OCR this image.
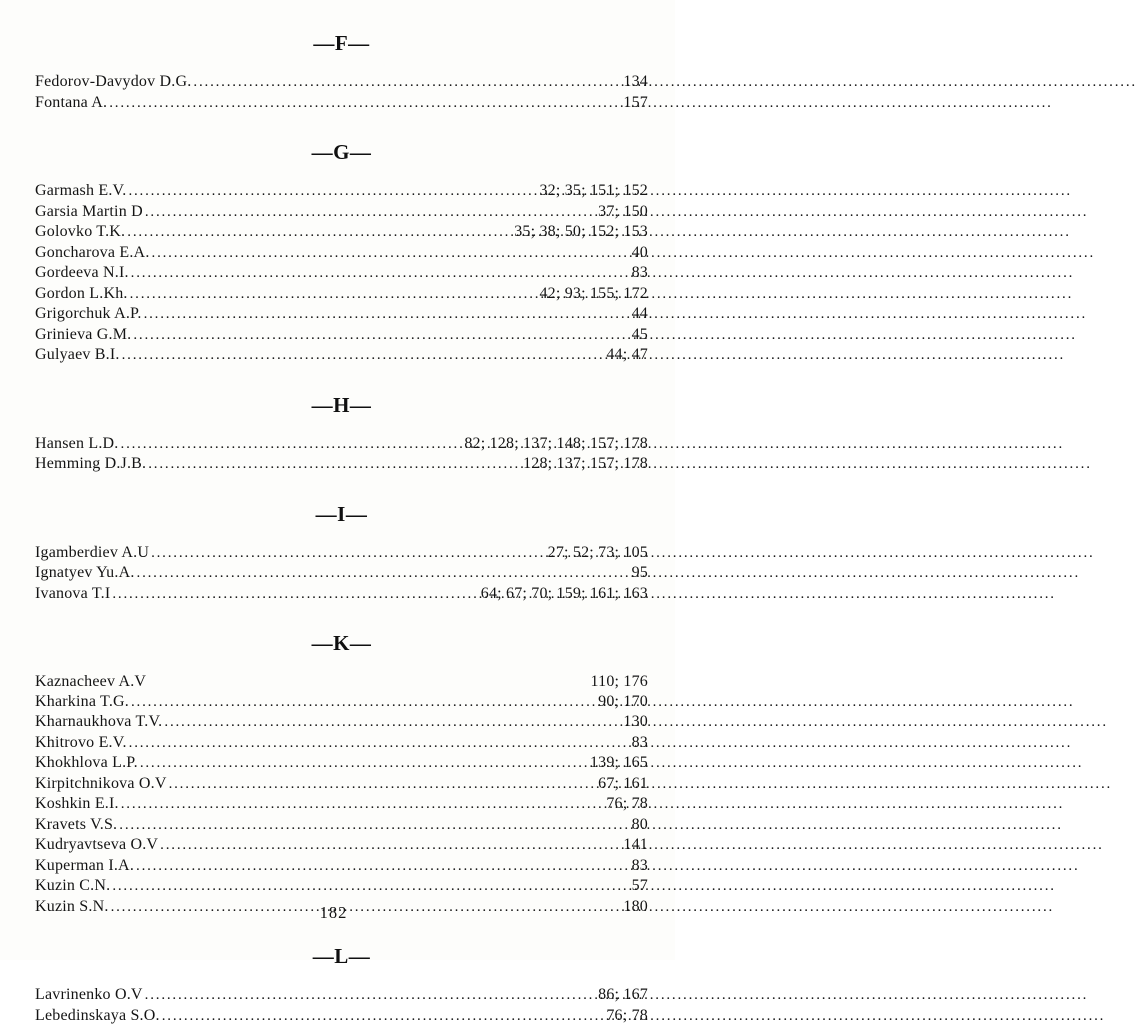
—F—
Fedorov-Davydov D.G. .....	134
Fontana A. .....	157
—G—
Garmash E.V. .....	32; 35; 151; 152
Garsia Martin D .....	37; 150
Golovko T.K. .....	35; 38; 50; 152; 153
Goncharova E.A. .....	40
Gordeeva N.I. .....	83
Gordon L.Kh. .....	42; 93; 155; 172
Grigorchuk A.P. .....	44
Grinieva G.M. .....	45
Gulyaev B.I. .....	44; 47
—H—
Hansen L.D. .....	82; 128; 137; 148; 157; 178
Hemming D.J.B. .....	128; 137; 157; 178
—I—
Igamberdiev A.U .....	27; 52; 73; 105
Ignatyev Yu.A. .....	95
Ivanova T.I .....	64; 67; 70; 159; 161; 163
—K—
Kaznacheev A.V	110; 176
Kharkina T.G. .....	90; 170
Kharnaukhova T.V. .....	130
Khitrovo E.V. .....	83
Khokhlova L.P. .....	139; 165
Kirpitchnikova O.V .....	67; 161
Koshkin E.I. .....	76; 78
Kravets V.S. .....	80
Kudryavtseva O.V .....	141
Kuperman I.A. .....	83
Kuzin C.N. .....	57
Kuzin S.N. .....	180
—L—
Lavrinenko O.V .....	86; 167
Lebedinskaya S.O. .....	76; 78
182
